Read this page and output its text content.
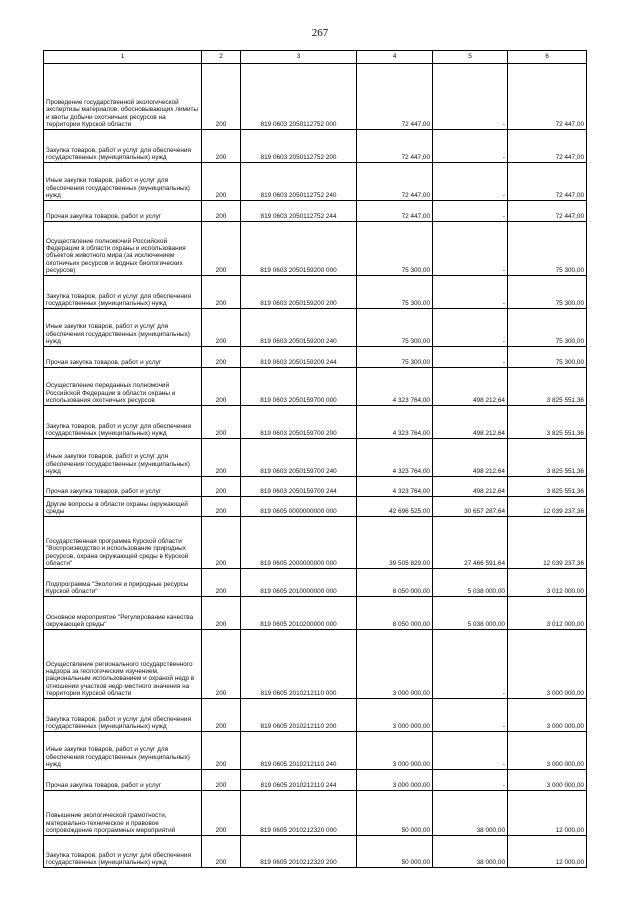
267
1	2	3	4	5	6
Проведение государственной экологической экспертизы материалов, обосновывающих лимиты и квоты добычи охотничьих ресурсов на территории Курской области	200	819 0603 2050112752 000	72 447,00	-	72 447,00
Закупка товаров, работ и услуг для обеспечения государственных (муниципальных) нужд	200	819 0603 2050112752 200	72 447,00	-	72 447,00
Иные закупки товаров, работ и услуг для обеспечения государственных (муниципальных) нужд	200	819 0603 2050112752 240	72 447,00	-	72 447,00
Прочая закупка товаров, работ и услуг	200	819 0603 2050112752 244	72 447,00	-	72 447,00
Осуществление полномочий Российской Федерации в области охраны и использования объектов животного мира (за исключением охотничьих ресурсов и водных биологических ресурсов)	200	819 0603 2050159200 000	75 300,00	-	75 300,00
Закупка товаров, работ и услуг для обеспечения государственных (муниципальных) нужд	200	819 0603 2050159200 200	75 300,00	-	75 300,00
Иные закупки товаров, работ и услуг для обеспечения государственных (муниципальных) нужд	200	819 0603 2050159200 240	75 300,00	-	75 300,00
Прочая закупка товаров, работ и услуг	200	819 0603 2050159200 244	75 300,00	-	75 300,00
Осуществление переданных полномочий Российской Федерации в области охраны и использования охотничьих ресурсов	200	819 0603 2050159700 000	4 323 764,00	498 212,64	3 825 551,36
Закупка товаров, работ и услуг для обеспечения государственных (муниципальных) нужд	200	819 0603 2050159700 200	4 323 764,00	498 212,64	3 825 551,36
Иные закупки товаров, работ и услуг для обеспечения государственных (муниципальных) нужд	200	819 0603 2050159700 240	4 323 764,00	498 212,64	3 825 551,36
Прочая закупка товаров, работ и услуг	200	819 0603 2050159700 244	4 323 764,00	498 212,64	3 825 551,36
Другие вопросы в области охраны окружающей среды	200	819 0605 0000000000 000	42 696 525,00	30 657 287,64	12 039 237,36
Государственная программа Курской области "Воспроизводство и использование природных ресурсов, охрана окружающей среды в Курской области"	200	819 0605 2000000000 000	39 505 829,00	27 466 591,64	12 039 237,36
Подпрограмма "Экология и природные ресурсы Курской области"	200	819 0605 2010000000 000	8 050 000,00	5 038 000,00	3 012 000,00
Основное мероприятие "Регулирование качества окружающей среды"	200	819 0605 2010200000 000	8 050 000,00	5 038 000,00	3 012 000,00
Осуществление регионального государственного надзора за геологическим изучением, рациональным использованием и охраной недр в отношении участков недр местного значения на территории Курской области	200	819 0605 2010212110 000	3 000 000,00	-	3 000 000,00
Закупка товаров, работ и услуг для обеспечения государственных (муниципальных) нужд	200	819 0605 2010212110 200	3 000 000,00	-	3 000 000,00
Иные закупки товаров, работ и услуг для обеспечения государственных (муниципальных) нужд	200	819 0605 2010212110 240	3 000 000,00	-	3 000 000,00
Прочая закупка товаров, работ и услуг	200	819 0605 2010212110 244	3 000 000,00	-	3 000 000,00
Повышение экологической грамотности, материально-техническое и правовое сопровождение программных мероприятий	200	819 0605 2010212320 000	50 000,00	38 000,00	12 000,00
Закупка товаров, работ и услуг для обеспечения государственных (муниципальных) нужд	200	819 0605 2010212320 200	50 000,00	38 000,00	12 000,00
